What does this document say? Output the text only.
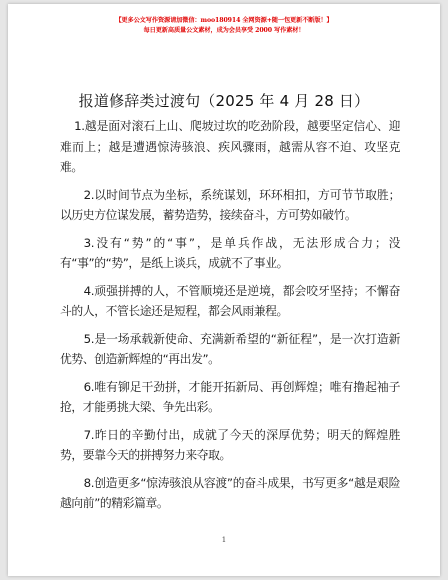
【更多公文写作资源请加微信：moo180914 全网资源+随一包更新不断版！】
每日更新高质量公文素材，成为会员享受 2000 写作素材！
报道修辞类过渡句（2025 年 4 月 28 日）

1.越是面对滚石上山、爬坡过坎的吃劲阶段，越要坚定信心、迎难而上；越是遭遇惊涛骇浪、疾风骤雨，越需从容不迫、攻坚克难。

2.以时间节点为坐标，系统谋划，环环相扣，方可节节取胜；以历史方位谋发展，蓄势造势，接续奋斗，方可势如破竹。

3.没有“势”的“事”，是单兵作战，无法形成合力；没有“事”的“势”，是纸上谈兵，成就不了事业。

4.顽强拼搏的人，不管顺境还是逆境，都会咬牙坚持；不懈奋斗的人，不管长途还是短程，都会风雨兼程。

5.是一场承载新使命、充满新希望的“新征程”，是一次打造新优势、创造新辉煌的“再出发”。

6.唯有铆足干劲拼，才能开拓新局、再创辉煌；唯有撸起袖子抢，才能勇挑大梁、争先出彩。

7.昨日的辛勤付出，成就了今天的深厚优势；明天的辉煌胜势，要靠今天的拼搏努力来夺取。

8.创造更多“惊涛骇浪从容渡”的奋斗成果，书写更多“越是艰险越向前”的精彩篇章。

1
